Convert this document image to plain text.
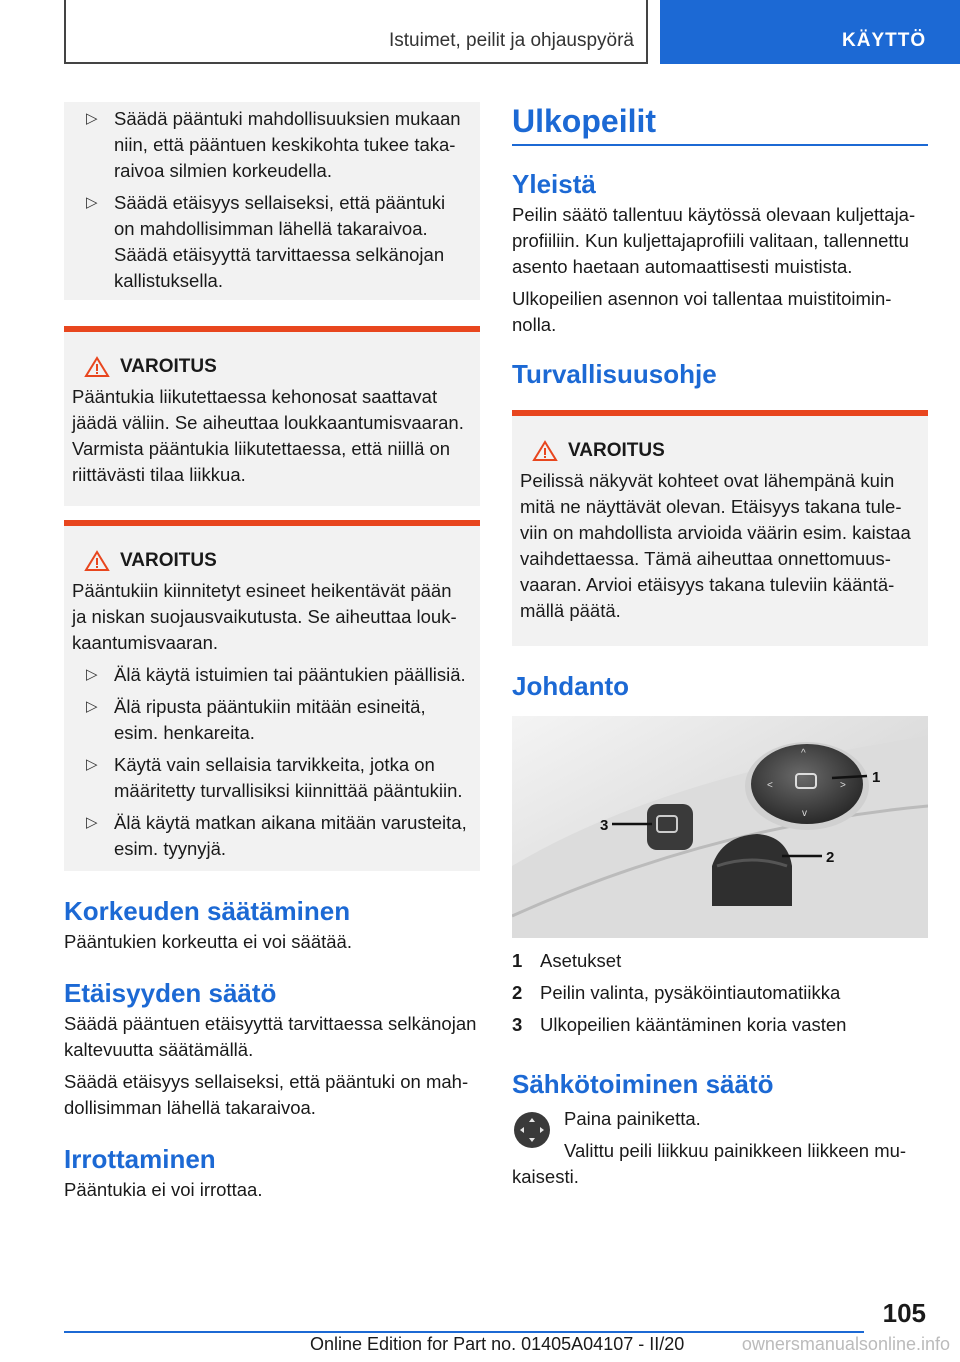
Istuimet, peilit ja ohjauspyörä	KÄYTTÖ

▷ Säädä pääntuki mahdollisuuksien mukaan niin, että pääntuen keskikohta tukee takaraivoa silmien korkeudella.

▷ Säädä etäisyys sellaiseksi, että pääntuki on mahdollisimman lähellä takaraivoa. Säädä etäisyyttä tarvittaessa selkänojan kallistuksella.

VAROITUS

Pääntukia liikutettaessa kehonosat saattavat jäädä väliin. Se aiheuttaa loukkaantumisvaaran. Varmista pääntukia liikutettaessa, että niillä on riittävästi tilaa liikkua.

VAROITUS

Pääntukiin kiinnitetyt esineet heikentävät pään ja niskan suojausvaikutusta. Se aiheuttaa loukkaantumisvaaran.

▷ Älä käytä istuimien tai pääntukien päällisiä.

▷ Älä ripusta pääntukiin mitään esineitä, esim. henkareita.

▷ Käytä vain sellaisia tarvikkeita, jotka on määritetty turvallisiksi kiinnittää pääntukiin.

▷ Älä käytä matkan aikana mitään varusteita, esim. tyynyjä.

Korkeuden säätäminen

Pääntukien korkeutta ei voi säätää.

Etäisyyden säätö

Säädä pääntuen etäisyyttä tarvittaessa selkänojan kaltevuutta säätämällä.

Säädä etäisyys sellaiseksi, että pääntuki on mahdollisimman lähellä takaraivoa.

Irrottaminen

Pääntukia ei voi irrottaa.

Ulkopeilit
Yleistä

Peilin säätö tallentuu käytössä olevaan kuljettajaprofiiliin. Kun kuljettajaprofiili valitaan, tallennettu asento haetaan automaattisesti muistista.

Ulkopeilien asennon voi tallentaa muistitoiminnolla.

Turvallisuusohje
VAROITUS

Peilissä näkyvät kohteet ovat lähempänä kuin mitä ne näyttävät olevan. Etäisyys takana tuleviin on mahdollista arvioida väärin esim. kaistaa vaihdettaessa. Tämä aiheuttaa onnettomuusvaaran. Arvioi etäisyys takana tuleviin kääntämällä päätä.

Johdanto
^
<	>
v
1
2
3
1 Asetukset
2 Peilin valinta, pysäköintiautomatiikka
3 Ulkopeilien kääntäminen koria vasten
Sähkötoiminen säätö

Paina painiketta.

Valittu peili liikkuu painikkeen liikkeen mukaisesti.

105
Online Edition for Part no. 01405A04107 - II/20	ownersmanualsonline.info
